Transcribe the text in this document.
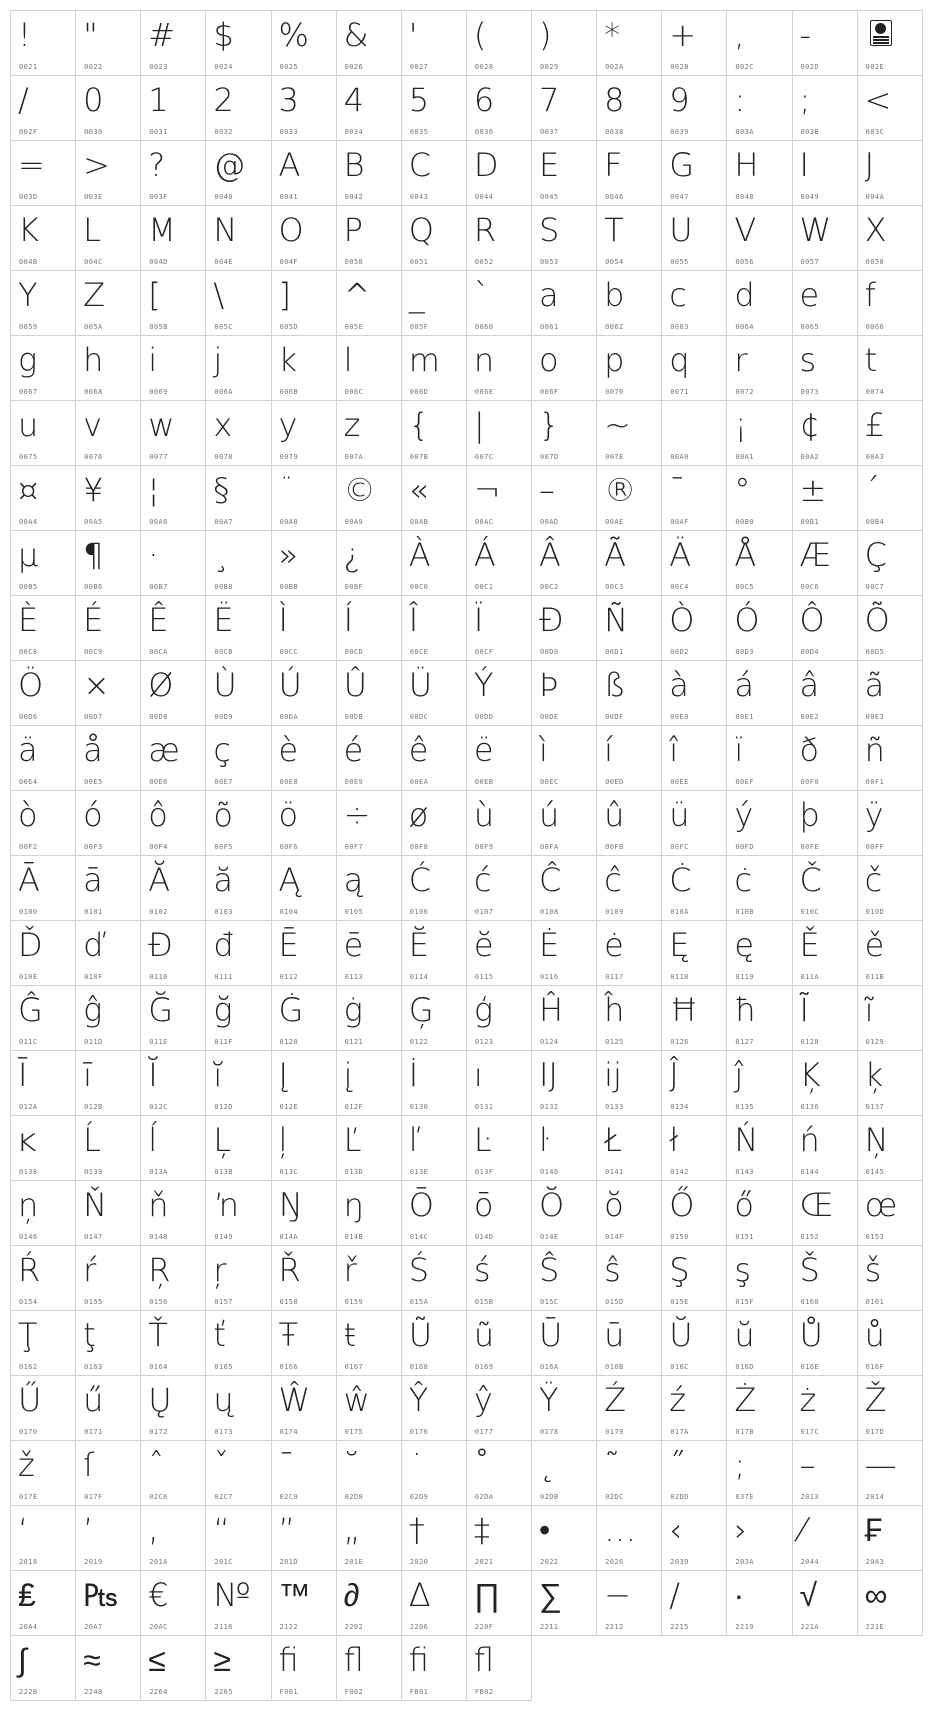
!
0021
"
0022
#
0023
$
0024
%
0025
&
0026
'
0027
(
0028
)
0029
*
002A
+
002B
,
002C
-
002D	002E
/
002F
0
0030
1
0031
2
0032
3
0033
4
0034
5
0035
6
0036
7
0037
8
0038
9
0039
:
003A
;
003B
<
003C
=
003D
>
003E
?
003F
@
0040
A
0041
B
0042
C
0043
D
0044
E
0045
F
0046
G
0047
H
0048
I
0049
J
004A
K
004B
L
004C
M
004D
N
004E
O
004F
P
0050
Q
0051
R
0052
S
0053
T
0054
U
0055
V
0056
W
0057
X
0058
Y
0059
Z
005A
[
005B
\
005C
]
005D
^
005E
_
005F
`
0060
a
0061
b
0062
c
0063
d
0064
e
0065
f
0066
g
0067
h
0068
i
0069
j
006A
k
006B
l
006C
m
006D
n
006E
o
006F
p
0070
q
0071
r
0072
s
0073
t
0074
u
0075
v
0076
w
0077
x
0078
y
0079
z
007A
{
007B
|
007C
}
007D
~
007E	00A0
¡
00A1
¢
00A2
£
00A3
¤
00A4
¥
00A5
¦
00A6
§
00A7
¨
00A8
©
00A9
«
00AB
¬
00AC
–
00AD
®
00AE
¯
00AF
°
00B0
±
00B1
´
00B4
µ
00B5
¶
00B6
·
00B7
¸
00B8
»
00BB
¿
00BF
À
00C0
Á
00C1
Â
00C2
Ã
00C3
Ä
00C4
Å
00C5
Æ
00C6
Ç
00C7
È
00C8
É
00C9
Ê
00CA
Ë
00CB
Ì
00CC
Í
00CD
Î
00CE
Ï
00CF
Đ
00D0
Ñ
00D1
Ò
00D2
Ó
00D3
Ô
00D4
Õ
00D5
Ö
00D6
×
00D7
Ø
00D8
Ù
00D9
Ú
00DA
Û
00DB
Ü
00DC
Ý
00DD
Þ
00DE
ß
00DF
à
00E0
á
00E1
â
00E2
ã
00E3
ä
00E4
å
00E5
æ
00E6
ç
00E7
è
00E8
é
00E9
ê
00EA
ë
00EB
ì
00EC
í
00ED
î
00EE
ï
00EF
ð
00F0
ñ
00F1
ò
00F2
ó
00F3
ô
00F4
õ
00F5
ö
00F6
÷
00F7
ø
00F8
ù
00F9
ú
00FA
û
00FB
ü
00FC
ý
00FD
þ
00FE
ÿ
00FF
Ā
0100
ā
0101
Ă
0102
ă
0103
Ą
0104
ą
0105
Ć
0106
ć
0107
Ĉ
0108
ĉ
0109
Ċ
010A
ċ
010B
Č
010C
č
010D
Ď
010E
ď
010F
Đ
0110
đ
0111
Ē
0112
ē
0113
Ĕ
0114
ĕ
0115
Ė
0116
ė
0117
Ę
0118
ę
0119
Ě
011A
ě
011B
Ĝ
011C
ĝ
011D
Ğ
011E
ğ
011F
Ġ
0120
ġ
0121
Ģ
0122
ģ
0123
Ĥ
0124
ĥ
0125
Ħ
0126
ħ
0127
Ĩ
0128
ĩ
0129
Ī
012A
ī
012B
Ĭ
012C
ĭ
012D
Į
012E
į
012F
İ
0130
ı
0131
Ĳ
0132
ĳ
0133
Ĵ
0134
ĵ
0135
Ķ
0136
ķ
0137
ĸ
0138
Ĺ
0139
ĺ
013A
Ļ
013B
ļ
013C
Ľ
013D
ľ
013E
Ŀ
013F
ŀ
0140
Ł
0141
ł
0142
Ń
0143
ń
0144
Ņ
0145
ņ
0146
Ň
0147
ň
0148
ŉ
0149
Ŋ
014A
ŋ
014B
Ō
014C
ō
014D
Ŏ
014E
ŏ
014F
Ő
0150
ő
0151
Œ
0152
œ
0153
Ŕ
0154
ŕ
0155
Ŗ
0156
ŗ
0157
Ř
0158
ř
0159
Ś
015A
ś
015B
Ŝ
015C
ŝ
015D
Ş
015E
ş
015F
Š
0160
š
0161
Ţ
0162
ţ
0163
Ť
0164
ť
0165
Ŧ
0166
ŧ
0167
Ũ
0168
ũ
0169
Ū
016A
ū
016B
Ŭ
016C
ŭ
016D
Ů
016E
ů
016F
Ű
0170
ű
0171
Ų
0172
ų
0173
Ŵ
0174
ŵ
0175
Ŷ
0176
ŷ
0177
Ÿ
0178
Ź
0179
ź
017A
Ż
017B
ż
017C
Ž
017D
ž
017E
ſ
017F
ˆ
02C6
ˇ
02C7
ˉ
02C9
˘
02D8
˙
02D9
˚
02DA
˛
02DB
˜
02DC
˝
02DD
;
037E
–
2013
—
2014
‘
2018
’
2019
‚
201A
“
201C
”
201D
„
201E
†
2020
‡
2021
•
2022
…
2026
‹
2039
›
203A
⁄
2044
₣
20A3
₤
20A4
₧
20A7
€
20AC
№
2116
™
2122
∂
2202
∆
2206
∏
220F
∑
2211
−
2212
∕
2215
∙
2219
√
221A
∞
221E
∫
222B
≈
2248
≤
2264
≥
2265
ﬁ
F001
ﬂ
F002
ﬁ
FB01
ﬂ
FB02
